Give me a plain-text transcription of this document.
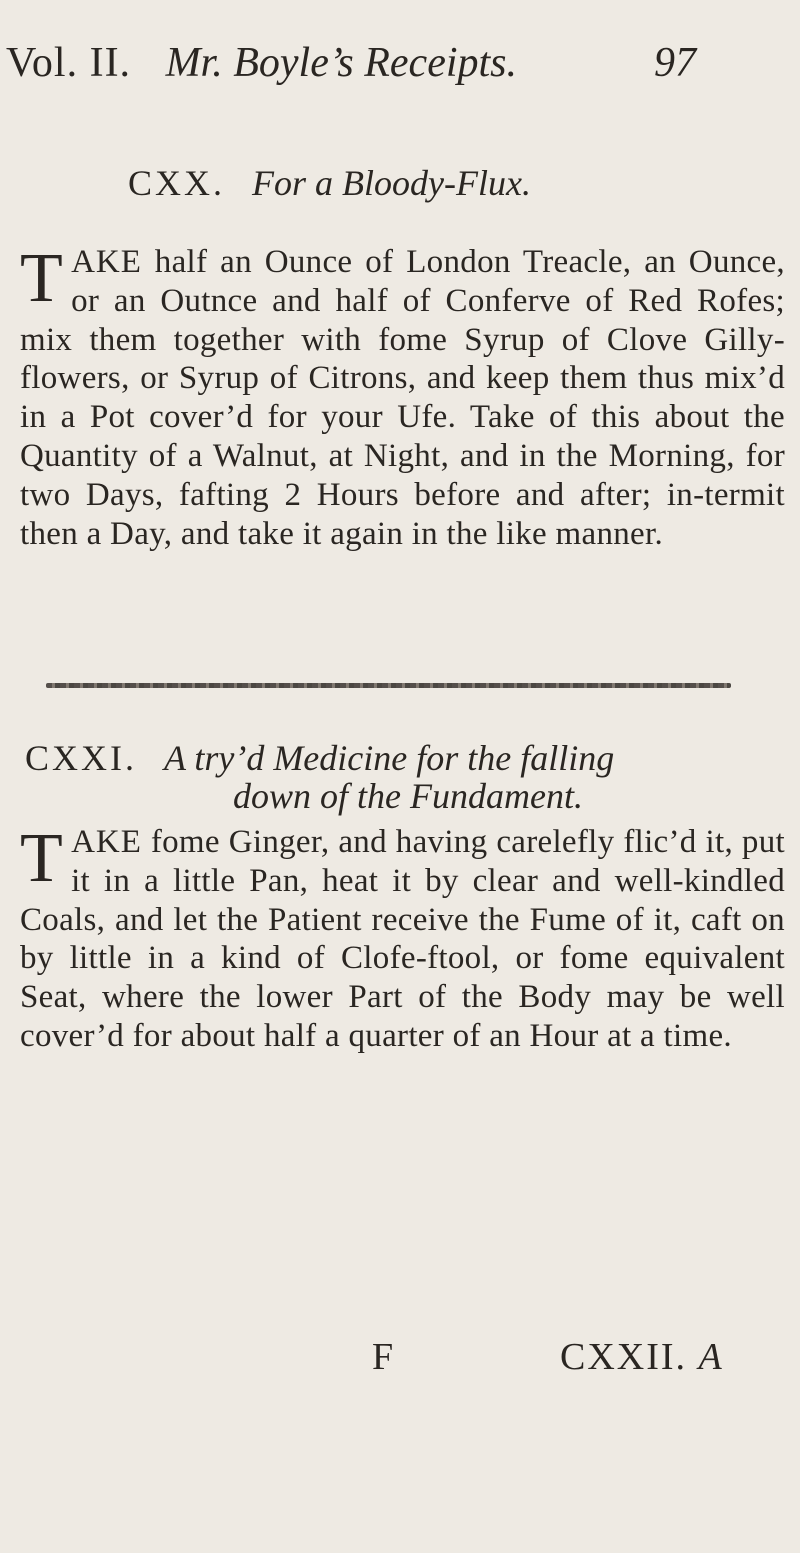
Vol. II. Mr. Boyle’s Receipts.	97
CXX. For a Bloody-Flux.

TAKE half an Ounce of London Treacle, an Ounce, or an Outnce and half of Conferve of Red Rofes; mix them together with fome Syrup of Clove Gilly-flowers, or Syrup of Citrons, and keep them thus mix’d in a Pot cover’d for your Ufe. Take of this about the Quantity of a Walnut, at Night, and in the Morning, for two Days, fafting 2 Hours before and after; in-termit then a Day, and take it again in the lіke manner.

CXXI. A try’d Medicine for the falling
down of the Fundament.

TAKE fome Ginger, and having carelefly flic’d it, put it in a little Pan, heat it by clear and well-kindled Coals, and let the Patient receive the Fume of it, caft on by little in a kind of Clofe-ftool, or fome equivalent Seat, where the lower Part of the Body may be well cover’d for about half a quarter of an Hour at a time.

F	CXXII. A
